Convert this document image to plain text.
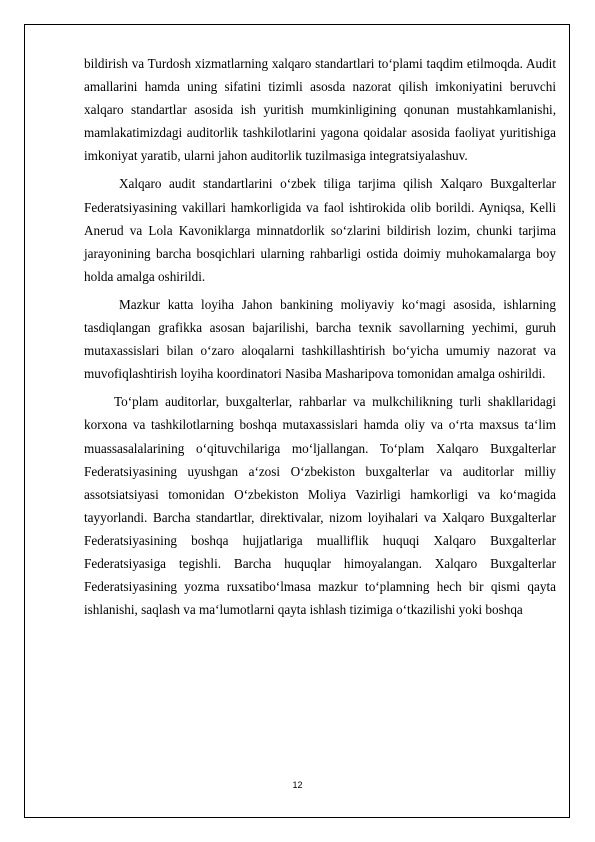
bildirish va Turdosh xizmatlarning xalqaro standartlari to‘plami taqdim etilmoqda. Audit amallarini hamda uning sifatini tizimli asosda nazorat qilish imkoniyatini beruvchi xalqaro standartlar asosida ish yuritish mumkinligining qonunan mustahkamlanishi, mamlakatimizdagi auditorlik tashkilotlarini yagona qoidalar asosida faoliyat yuritishiga imkoniyat yaratib, ularni jahon auditorlik tuzilmasiga integratsiyalashuv.

Xalqaro audit standartlarini o‘zbek tiliga tarjima qilish Xalqaro Buxgalterlar Federatsiyasining vakillari hamkorligida va faol ishtirokida olib borildi. Ayniqsa, Kelli Anerud va Lola Kavoniklarga minnatdorlik so‘zlarini bildirish lozim, chunki tarjima jarayonining barcha bosqichlari ularning rahbarligi ostida doimiy muhokamalarga boy holda amalga oshirildi.

Mazkur katta loyiha Jahon bankining moliyaviy ko‘magi asosida, ishlarning tasdiqlangan grafikka asosan bajarilishi, barcha texnik savollarning yechimi, guruh mutaxassislari bilan o‘zaro aloqalarni tashkillashtirish bo‘yicha umumiy nazorat va muvofiqlashtirish loyiha koordinatori Nasiba Masharipova tomonidan amalga oshirildi.

To‘plam auditorlar, buxgalterlar, rahbarlar va mulkchilikning turli shakllaridagi korxona va tashkilotlarning boshqa mutaxassislari hamda oliy va o‘rta maxsus ta‘lim muassasalalarining o‘qituvchilariga mo‘ljallangan. To‘plam Xalqaro Buxgalterlar Federatsiyasining uyushgan a‘zosi O‘zbekiston buxgalterlar va auditorlar milliy assotsiatsiyasi tomonidan O‘zbekiston Moliya Vazirligi hamkorligi va ko‘magida tayyorlandi. Barcha standartlar, direktivalar, nizom loyihalari va Xalqaro Buxgalterlar Federatsiyasining boshqa hujjatlariga mualliflik huquqi Xalqaro Buxgalterlar Federatsiyasiga tegishli. Barcha huquqlar himoyalangan. Xalqaro Buxgalterlar Federatsiyasining yozma ruxsatibo‘lmasa mazkur to‘plamning hech bir qismi qayta ishlanishi, saqlash va ma‘lumotlarni qayta ishlash tizimiga o‘tkazilishi yoki boshqa

12
